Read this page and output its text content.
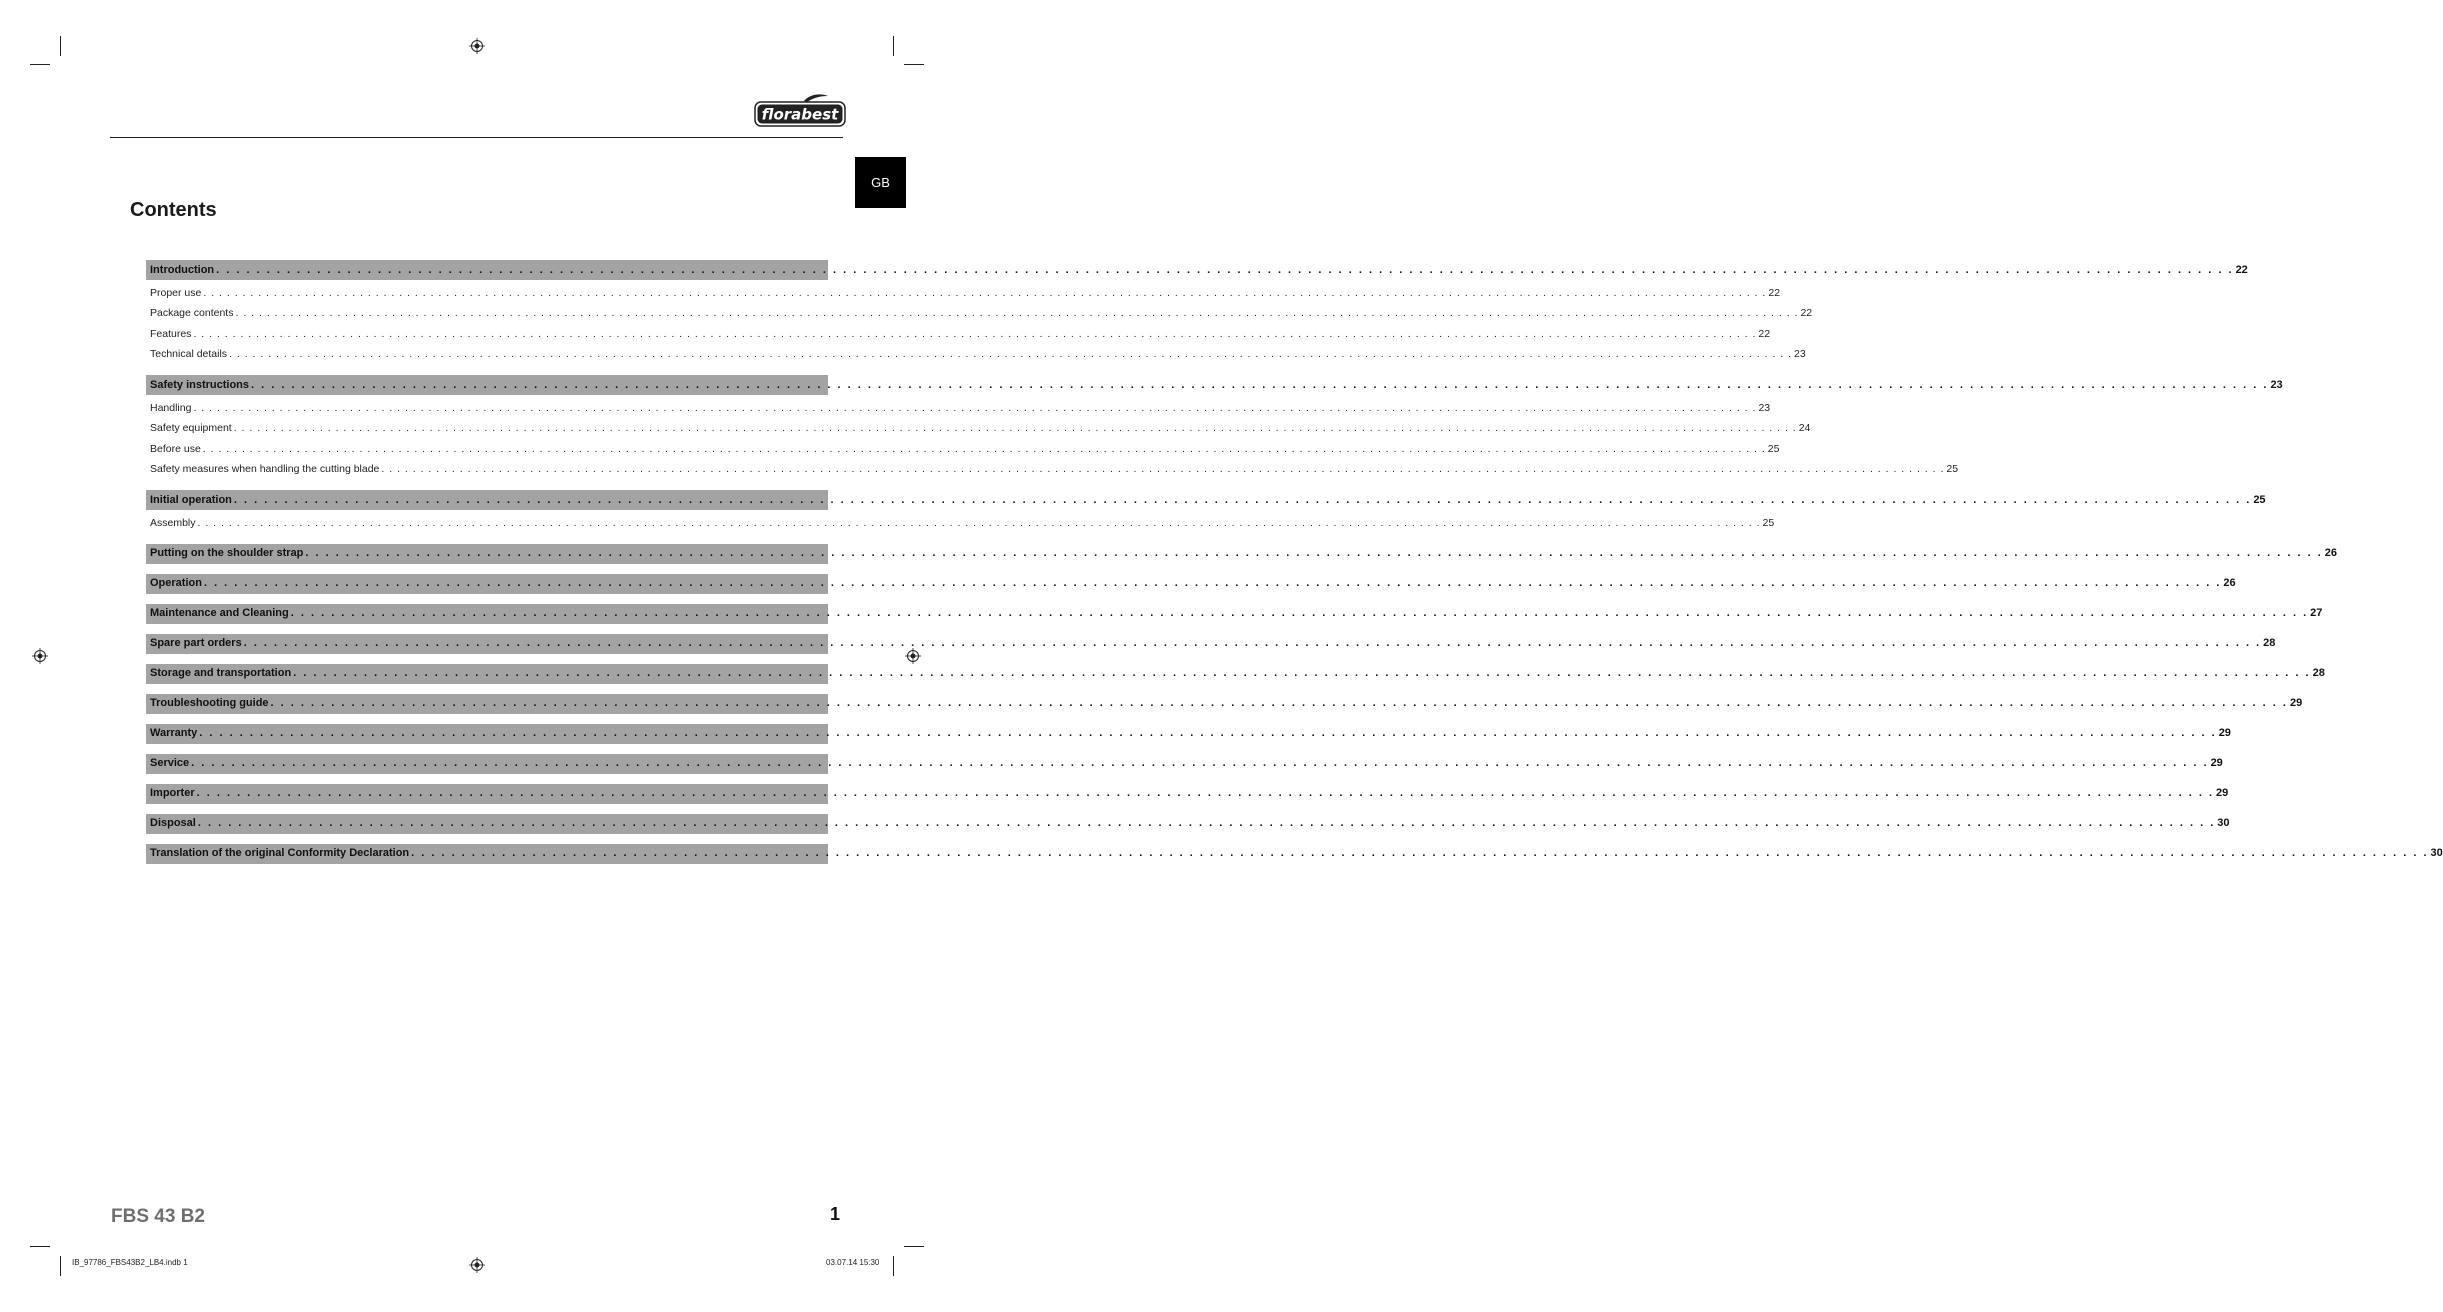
florabest
GB
Contents
Introduction . . . . . . . . . . . . . . . . . . . . . . . . . . . . . . . . . . . . . . . . . . . . . . . . . . . . . . . . . . . . . . . . . . . . . . . . . . . . . . . . . . . . . . . . . . . . . . . . . . . . . . . . . . . . . . . . . . . . . . . . . . . . . . . . . . . . . . . . . . . . . . . . . . . . . . . . . . . . . . . . . . . . . . . . . . . . . . . . . . . . . . . . . . . . . . . . . . . . . . . . 22
Proper use . . . . . . . . . . . . . . . . . . . . . . . . . . . . . . . . . . . . . . . . . . . . . . . . . . . . . . . . . . . . . . . . . . . . . . . . . . . . . . . . . . . . . . . . . . . . . . . . . . . . . . . . . . . . . . . . . . . . . . . . . . . . . . . . . . . . . . . . . . . . . . . . . . . . . . . . . . . . . . . . . . . . . . . . . . . . . . . . . . . . . . . . . . . . . . . . . . . . . . . . 22
Package contents . . . . . . . . . . . . . . . . . . . . . . . . . . . . . . . . . . . . . . . . . . . . . . . . . . . . . . . . . . . . . . . . . . . . . . . . . . . . . . . . . . . . . . . . . . . . . . . . . . . . . . . . . . . . . . . . . . . . . . . . . . . . . . . . . . . . . . . . . . . . . . . . . . . . . . . . . . . . . . . . . . . . . . . . . . . . . . . . . . . . . . . . . . . . . . . . . . . . . . . . 22
Features . . . . . . . . . . . . . . . . . . . . . . . . . . . . . . . . . . . . . . . . . . . . . . . . . . . . . . . . . . . . . . . . . . . . . . . . . . . . . . . . . . . . . . . . . . . . . . . . . . . . . . . . . . . . . . . . . . . . . . . . . . . . . . . . . . . . . . . . . . . . . . . . . . . . . . . . . . . . . . . . . . . . . . . . . . . . . . . . . . . . . . . . . . . . . . . . . . . . . . . . 22
Technical details . . . . . . . . . . . . . . . . . . . . . . . . . . . . . . . . . . . . . . . . . . . . . . . . . . . . . . . . . . . . . . . . . . . . . . . . . . . . . . . . . . . . . . . . . . . . . . . . . . . . . . . . . . . . . . . . . . . . . . . . . . . . . . . . . . . . . . . . . . . . . . . . . . . . . . . . . . . . . . . . . . . . . . . . . . . . . . . . . . . . . . . . . . . . . . . . . . . . . . . . 23
Safety instructions . . . . . . . . . . . . . . . . . . . . . . . . . . . . . . . . . . . . . . . . . . . . . . . . . . . . . . . . . . . . . . . . . . . . . . . . . . . . . . . . . . . . . . . . . . . . . . . . . . . . . . . . . . . . . . . . . . . . . . . . . . . . . . . . . . . . . . . . . . . . . . . . . . . . . . . . . . . . . . . . . . . . . . . . . . . . . . . . . . . . . . . . . . . . . . . . . . . . . . . . 23
Handling . . . . . . . . . . . . . . . . . . . . . . . . . . . . . . . . . . . . . . . . . . . . . . . . . . . . . . . . . . . . . . . . . . . . . . . . . . . . . . . . . . . . . . . . . . . . . . . . . . . . . . . . . . . . . . . . . . . . . . . . . . . . . . . . . . . . . . . . . . . . . . . . . . . . . . . . . . . . . . . . . . . . . . . . . . . . . . . . . . . . . . . . . . . . . . . . . . . . . . . . 23
Safety equipment . . . . . . . . . . . . . . . . . . . . . . . . . . . . . . . . . . . . . . . . . . . . . . . . . . . . . . . . . . . . . . . . . . . . . . . . . . . . . . . . . . . . . . . . . . . . . . . . . . . . . . . . . . . . . . . . . . . . . . . . . . . . . . . . . . . . . . . . . . . . . . . . . . . . . . . . . . . . . . . . . . . . . . . . . . . . . . . . . . . . . . . . . . . . . . . . . . . . . . . . 24
Before use . . . . . . . . . . . . . . . . . . . . . . . . . . . . . . . . . . . . . . . . . . . . . . . . . . . . . . . . . . . . . . . . . . . . . . . . . . . . . . . . . . . . . . . . . . . . . . . . . . . . . . . . . . . . . . . . . . . . . . . . . . . . . . . . . . . . . . . . . . . . . . . . . . . . . . . . . . . . . . . . . . . . . . . . . . . . . . . . . . . . . . . . . . . . . . . . . . . . . . . . 25
Safety measures when handling the cutting blade . . . . . . . . . . . . . . . . . . . . . . . . . . . . . . . . . . . . . . . . . . . . . . . . . . . . . . . . . . . . . . . . . . . . . . . . . . . . . . . . . . . . . . . . . . . . . . . . . . . . . . . . . . . . . . . . . . . . . . . . . . . . . . . . . . . . . . . . . . . . . . . . . . . . . . . . . . . . . . . . . . . . . . . . . . . . . . . . . . . . . . . . . . . . . . . . . . . . . . . . 25
Initial operation . . . . . . . . . . . . . . . . . . . . . . . . . . . . . . . . . . . . . . . . . . . . . . . . . . . . . . . . . . . . . . . . . . . . . . . . . . . . . . . . . . . . . . . . . . . . . . . . . . . . . . . . . . . . . . . . . . . . . . . . . . . . . . . . . . . . . . . . . . . . . . . . . . . . . . . . . . . . . . . . . . . . . . . . . . . . . . . . . . . . . . . . . . . . . . . . . . . . . . . . 25
Assembly . . . . . . . . . . . . . . . . . . . . . . . . . . . . . . . . . . . . . . . . . . . . . . . . . . . . . . . . . . . . . . . . . . . . . . . . . . . . . . . . . . . . . . . . . . . . . . . . . . . . . . . . . . . . . . . . . . . . . . . . . . . . . . . . . . . . . . . . . . . . . . . . . . . . . . . . . . . . . . . . . . . . . . . . . . . . . . . . . . . . . . . . . . . . . . . . . . . . . . . . 25
Putting on the shoulder strap . . . . . . . . . . . . . . . . . . . . . . . . . . . . . . . . . . . . . . . . . . . . . . . . . . . . . . . . . . . . . . . . . . . . . . . . . . . . . . . . . . . . . . . . . . . . . . . . . . . . . . . . . . . . . . . . . . . . . . . . . . . . . . . . . . . . . . . . . . . . . . . . . . . . . . . . . . . . . . . . . . . . . . . . . . . . . . . . . . . . . . . . . . . . . . . . . . . . . . . . 26
Operation . . . . . . . . . . . . . . . . . . . . . . . . . . . . . . . . . . . . . . . . . . . . . . . . . . . . . . . . . . . . . . . . . . . . . . . . . . . . . . . . . . . . . . . . . . . . . . . . . . . . . . . . . . . . . . . . . . . . . . . . . . . . . . . . . . . . . . . . . . . . . . . . . . . . . . . . . . . . . . . . . . . . . . . . . . . . . . . . . . . . . . . . . . . . . . . . . . . . . . . . 26
Maintenance and Cleaning . . . . . . . . . . . . . . . . . . . . . . . . . . . . . . . . . . . . . . . . . . . . . . . . . . . . . . . . . . . . . . . . . . . . . . . . . . . . . . . . . . . . . . . . . . . . . . . . . . . . . . . . . . . . . . . . . . . . . . . . . . . . . . . . . . . . . . . . . . . . . . . . . . . . . . . . . . . . . . . . . . . . . . . . . . . . . . . . . . . . . . . . . . . . . . . . . . . . . . . . 27
Spare part orders . . . . . . . . . . . . . . . . . . . . . . . . . . . . . . . . . . . . . . . . . . . . . . . . . . . . . . . . . . . . . . . . . . . . . . . . . . . . . . . . . . . . . . . . . . . . . . . . . . . . . . . . . . . . . . . . . . . . . . . . . . . . . . . . . . . . . . . . . . . . . . . . . . . . . . . . . . . . . . . . . . . . . . . . . . . . . . . . . . . . . . . . . . . . . . . . . . . . . . . . 28
Storage and transportation . . . . . . . . . . . . . . . . . . . . . . . . . . . . . . . . . . . . . . . . . . . . . . . . . . . . . . . . . . . . . . . . . . . . . . . . . . . . . . . . . . . . . . . . . . . . . . . . . . . . . . . . . . . . . . . . . . . . . . . . . . . . . . . . . . . . . . . . . . . . . . . . . . . . . . . . . . . . . . . . . . . . . . . . . . . . . . . . . . . . . . . . . . . . . . . . . . . . . . . . 28
Troubleshooting guide . . . . . . . . . . . . . . . . . . . . . . . . . . . . . . . . . . . . . . . . . . . . . . . . . . . . . . . . . . . . . . . . . . . . . . . . . . . . . . . . . . . . . . . . . . . . . . . . . . . . . . . . . . . . . . . . . . . . . . . . . . . . . . . . . . . . . . . . . . . . . . . . . . . . . . . . . . . . . . . . . . . . . . . . . . . . . . . . . . . . . . . . . . . . . . . . . . . . . . . . 29
Warranty . . . . . . . . . . . . . . . . . . . . . . . . . . . . . . . . . . . . . . . . . . . . . . . . . . . . . . . . . . . . . . . . . . . . . . . . . . . . . . . . . . . . . . . . . . . . . . . . . . . . . . . . . . . . . . . . . . . . . . . . . . . . . . . . . . . . . . . . . . . . . . . . . . . . . . . . . . . . . . . . . . . . . . . . . . . . . . . . . . . . . . . . . . . . . . . . . . . . . . . . 29
Service . . . . . . . . . . . . . . . . . . . . . . . . . . . . . . . . . . . . . . . . . . . . . . . . . . . . . . . . . . . . . . . . . . . . . . . . . . . . . . . . . . . . . . . . . . . . . . . . . . . . . . . . . . . . . . . . . . . . . . . . . . . . . . . . . . . . . . . . . . . . . . . . . . . . . . . . . . . . . . . . . . . . . . . . . . . . . . . . . . . . . . . . . . . . . . . . . . . . . . . . 29
Importer . . . . . . . . . . . . . . . . . . . . . . . . . . . . . . . . . . . . . . . . . . . . . . . . . . . . . . . . . . . . . . . . . . . . . . . . . . . . . . . . . . . . . . . . . . . . . . . . . . . . . . . . . . . . . . . . . . . . . . . . . . . . . . . . . . . . . . . . . . . . . . . . . . . . . . . . . . . . . . . . . . . . . . . . . . . . . . . . . . . . . . . . . . . . . . . . . . . . . . . . 29
Disposal . . . . . . . . . . . . . . . . . . . . . . . . . . . . . . . . . . . . . . . . . . . . . . . . . . . . . . . . . . . . . . . . . . . . . . . . . . . . . . . . . . . . . . . . . . . . . . . . . . . . . . . . . . . . . . . . . . . . . . . . . . . . . . . . . . . . . . . . . . . . . . . . . . . . . . . . . . . . . . . . . . . . . . . . . . . . . . . . . . . . . . . . . . . . . . . . . . . . . . . . 30
Translation of the original Conformity Declaration . . . . . . . . . . . . . . . . . . . . . . . . . . . . . . . . . . . . . . . . . . . . . . . . . . . . . . . . . . . . . . . . . . . . . . . . . . . . . . . . . . . . . . . . . . . . . . . . . . . . . . . . . . . . . . . . . . . . . . . . . . . . . . . . . . . . . . . . . . . . . . . . . . . . . . . . . . . . . . . . . . . . . . . . . . . . . . . . . . . . . . . . . . . . . . . . . . . . . . . . 30
FBS 43 B2	1
IB_97786_FBS43B2_LB4.indb 1	03.07.14 15:30
